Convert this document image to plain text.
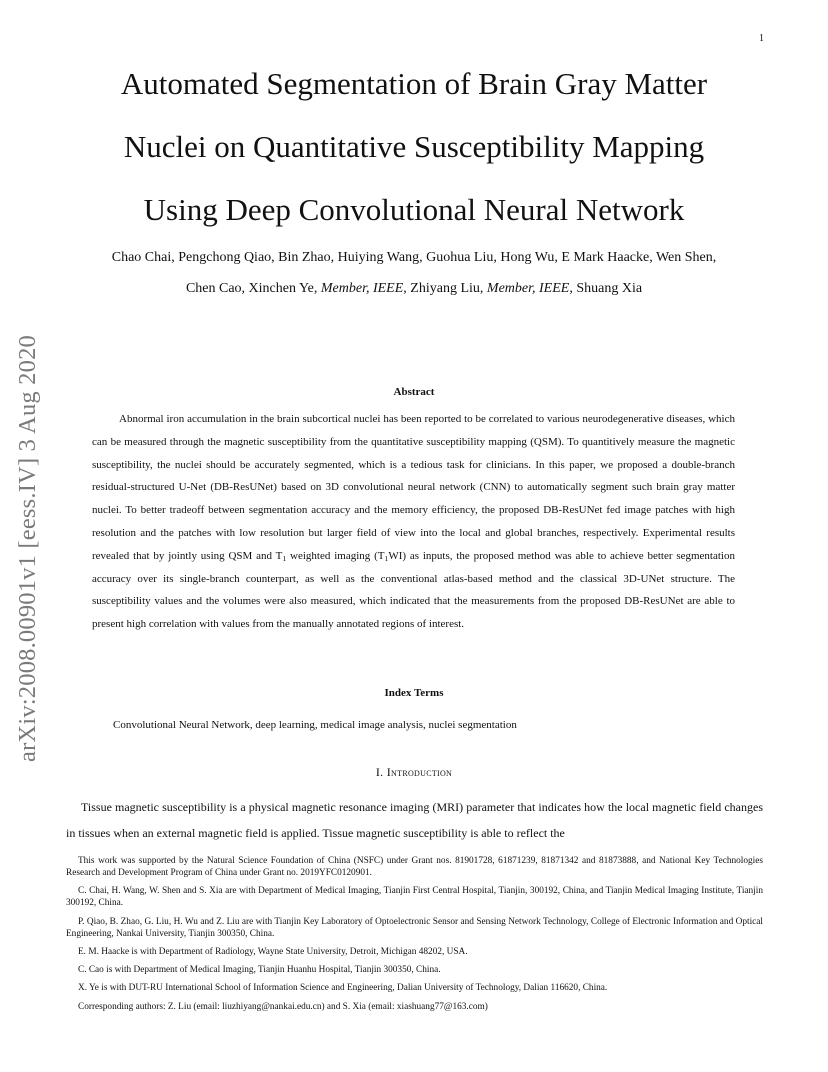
1
arXiv:2008.00901v1 [eess.IV] 3 Aug 2020
Automated Segmentation of Brain Gray Matter
Nuclei on Quantitative Susceptibility Mapping
Using Deep Convolutional Neural Network
Chao Chai, Pengchong Qiao, Bin Zhao, Huiying Wang, Guohua Liu, Hong Wu, E Mark Haacke, Wen Shen,
Chen Cao, Xinchen Ye, Member, IEEE, Zhiyang Liu, Member, IEEE, Shuang Xia
Abstract

Abnormal iron accumulation in the brain subcortical nuclei has been reported to be correlated to various neurodegenerative diseases, which can be measured through the magnetic susceptibility from the quantitative susceptibility mapping (QSM). To quantitively measure the magnetic susceptibility, the nuclei should be accurately segmented, which is a tedious task for clinicians. In this paper, we proposed a double-branch residual-structured U-Net (DB-ResUNet) based on 3D convolutional neural network (CNN) to automatically segment such brain gray matter nuclei. To better tradeoff between segmentation accuracy and the memory efficiency, the proposed DB-ResUNet fed image patches with high resolution and the patches with low resolution but larger field of view into the local and global branches, respectively. Experimental results revealed that by jointly using QSM and $T_1$ weighted imaging $(T_1WI)$ as inputs, the proposed method was able to achieve better segmentation accuracy over its single-branch counterpart, as well as the conventional atlas-based method and the classical 3D-UNet structure. The susceptibility values and the volumes were also measured, which indicated that the measurements from the proposed DB-ResUNet are able to present high correlation with values from the manually annotated regions of interest.

Index Terms
Convolutional Neural Network, deep learning, medical image analysis, nuclei segmentation
I. Introduction

Tissue magnetic susceptibility is a physical magnetic resonance imaging (MRI) parameter that indicates how the local magnetic field changes in tissues when an external magnetic field is applied. Tissue magnetic susceptibility is able to reflect the

This work was supported by the Natural Science Foundation of China (NSFC) under Grant nos. 81901728, 61871239, 81871342 and 81873888, and National Key Technologies Research and Development Program of China under Grant no. 2019YFC0120901.

C. Chai, H. Wang, W. Shen and S. Xia are with Department of Medical Imaging, Tianjin First Central Hospital, Tianjin, 300192, China, and Tianjin Medical Imaging Institute, Tianjin 300192, China.

P. Qiao, B. Zhao, G. Liu, H. Wu and Z. Liu are with Tianjin Key Laboratory of Optoelectronic Sensor and Sensing Network Technology, College of Electronic Information and Optical Engineering, Nankai University, Tianjin 300350, China.

E. M. Haacke is with Department of Radiology, Wayne State University, Detroit, Michigan 48202, USA.

C. Cao is with Department of Medical Imaging, Tianjin Huanhu Hospital, Tianjin 300350, China.

X. Ye is with DUT-RU International School of Information Science and Engineering, Dalian University of Technology, Dalian 116620, China.

Corresponding authors: Z. Liu (email: liuzhiyang@nankai.edu.cn) and S. Xia (email: xiashuang77@163.com)
